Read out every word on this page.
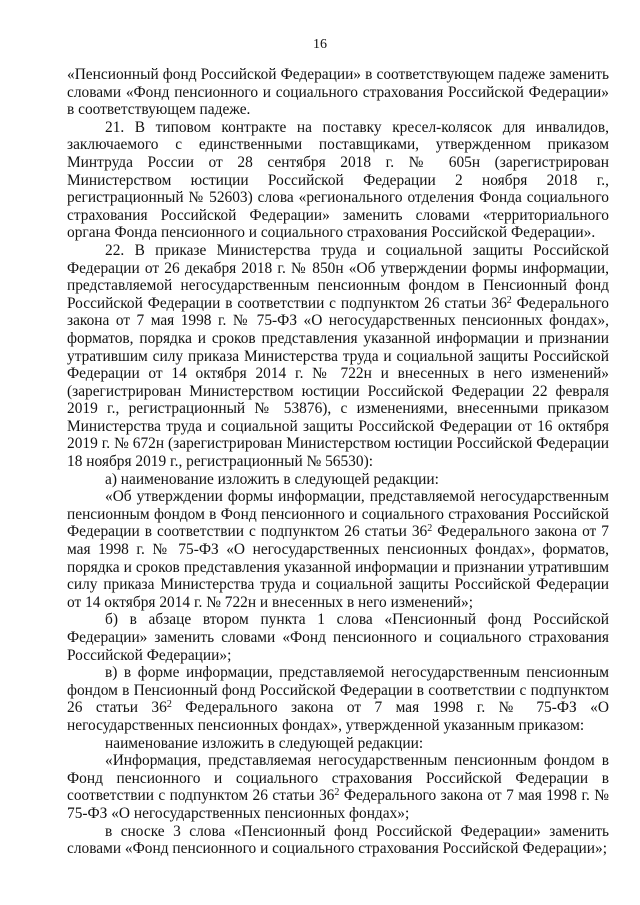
16

«Пенсионный фонд Российской Федерации» в соответствующем падеже заменить словами «Фонд пенсионного и социального страхования Российской Федерации» в соответствующем падеже.

21. В типовом контракте на поставку кресел-колясок для инвалидов, заключаемого с единственными поставщиками, утвержденном приказом Минтруда России от 28 сентября 2018 г. № 605н (зарегистрирован Министерством юстиции Российской Федерации 2 ноября 2018 г., регистрационный № 52603) слова «регионального отделения Фонда социального страхования Российской Федерации» заменить словами «территориального органа Фонда пенсионного и социального страхования Российской Федерации».

22. В приказе Министерства труда и социальной защиты Российской Федерации от 26 декабря 2018 г. № 850н «Об утверждении формы информации, представляемой негосударственным пенсионным фондом в Пенсионный фонд Российской Федерации в соответствии с подпунктом 26 статьи $36^2$ Федерального закона от 7 мая 1998 г. № 75-ФЗ «О негосударственных пенсионных фондах», форматов, порядка и сроков представления указанной информации и признании утратившим силу приказа Министерства труда и социальной защиты Российской Федерации от 14 октября 2014 г. № 722н и внесенных в него изменений» (зарегистрирован Министерством юстиции Российской Федерации 22 февраля 2019 г., регистрационный № 53876), с изменениями, внесенными приказом Министерства труда и социальной защиты Российской Федерации от 16 октября 2019 г. № 672н (зарегистрирован Министерством юстиции Российской Федерации 18 ноября 2019 г., регистрационный № 56530):

а) наименование изложить в следующей редакции:

«Об утверждении формы информации, представляемой негосударственным пенсионным фондом в Фонд пенсионного и социального страхования Российской Федерации в соответствии с подпунктом 26 статьи $36^2$ Федерального закона от 7 мая 1998 г. № 75-ФЗ «О негосударственных пенсионных фондах», форматов, порядка и сроков представления указанной информации и признании утратившим силу приказа Министерства труда и социальной защиты Российской Федерации от 14 октября 2014 г. № 722н и внесенных в него изменений»;

б) в абзаце втором пункта 1 слова «Пенсионный фонд Российской Федерации» заменить словами «Фонд пенсионного и социального страхования Российской Федерации»;

в) в форме информации, представляемой негосударственным пенсионным фондом в Пенсионный фонд Российской Федерации в соответствии с подпунктом 26 статьи $36^2$ Федерального закона от 7 мая 1998 г. № 75-ФЗ «О негосударственных пенсионных фондах», утвержденной указанным приказом:

наименование изложить в следующей редакции:

«Информация, представляемая негосударственным пенсионным фондом в Фонд пенсионного и социального страхования Российской Федерации в соответствии с подпунктом 26 статьи $36^2$ Федерального закона от 7 мая 1998 г. № 75-ФЗ «О негосударственных пенсионных фондах»;

в сноске 3 слова «Пенсионный фонд Российской Федерации» заменить словами «Фонд пенсионного и социального страхования Российской Федерации»;
